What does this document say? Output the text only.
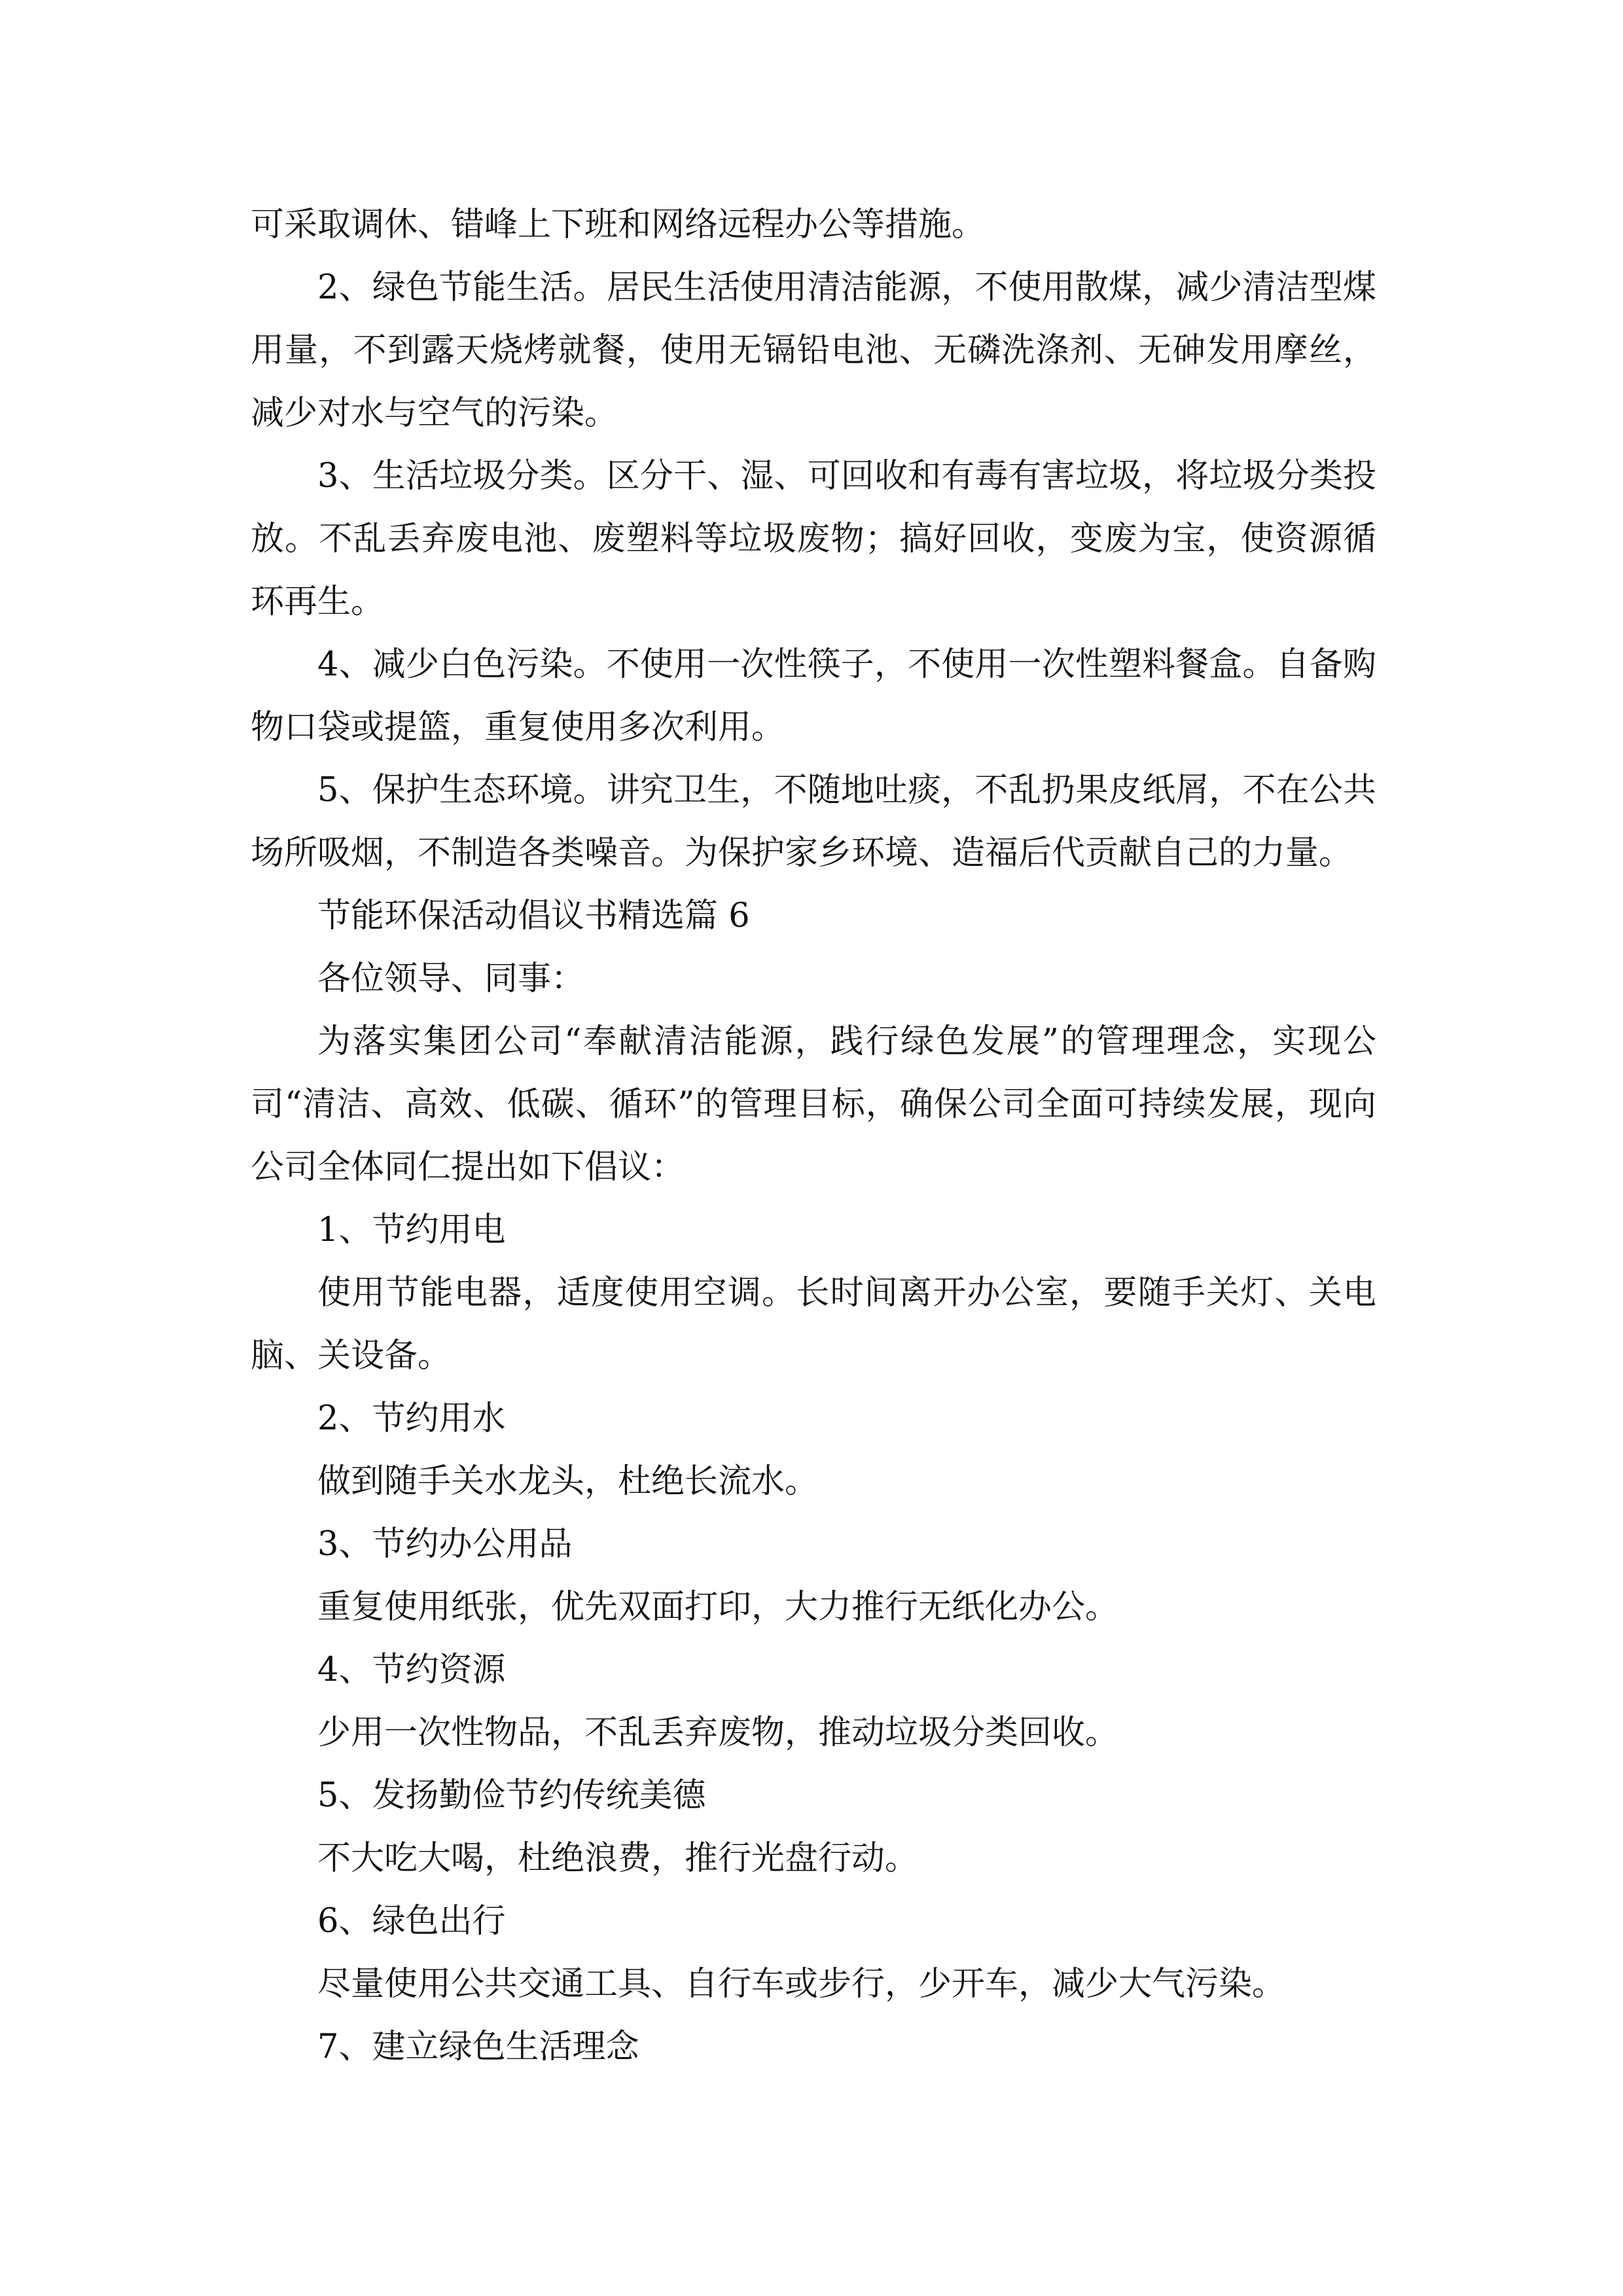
可采取调休、错峰上下班和网络远程办公等措施。

2、绿色节能生活。居民生活使用清洁能源，不使用散煤，减少清洁型煤用量，不到露天烧烤就餐，使用无镉铅电池、无磷洗涤剂、无砷发用摩丝，减少对水与空气的污染。

3、生活垃圾分类。区分干、湿、可回收和有毒有害垃圾，将垃圾分类投放。不乱丢弃废电池、废塑料等垃圾废物；搞好回收，变废为宝，使资源循环再生。

4、减少白色污染。不使用一次性筷子，不使用一次性塑料餐盒。自备购物口袋或提篮，重复使用多次利用。

5、保护生态环境。讲究卫生，不随地吐痰，不乱扔果皮纸屑，不在公共场所吸烟，不制造各类噪音。为保护家乡环境、造福后代贡献自己的力量。

节能环保活动倡议书精选篇 6

各位领导、同事：

为落实集团公司“奉献清洁能源，践行绿色发展”的管理理念，实现公司“清洁、高效、低碳、循环”的管理目标，确保公司全面可持续发展，现向公司全体同仁提出如下倡议：

1、节约用电

使用节能电器，适度使用空调。长时间离开办公室，要随手关灯、关电脑、关设备。

2、节约用水

做到随手关水龙头，杜绝长流水。

3、节约办公用品

重复使用纸张，优先双面打印，大力推行无纸化办公。

4、节约资源

少用一次性物品，不乱丢弃废物，推动垃圾分类回收。

5、发扬勤俭节约传统美德

不大吃大喝，杜绝浪费，推行光盘行动。

6、绿色出行

尽量使用公共交通工具、自行车或步行，少开车，减少大气污染。

7、建立绿色生活理念
